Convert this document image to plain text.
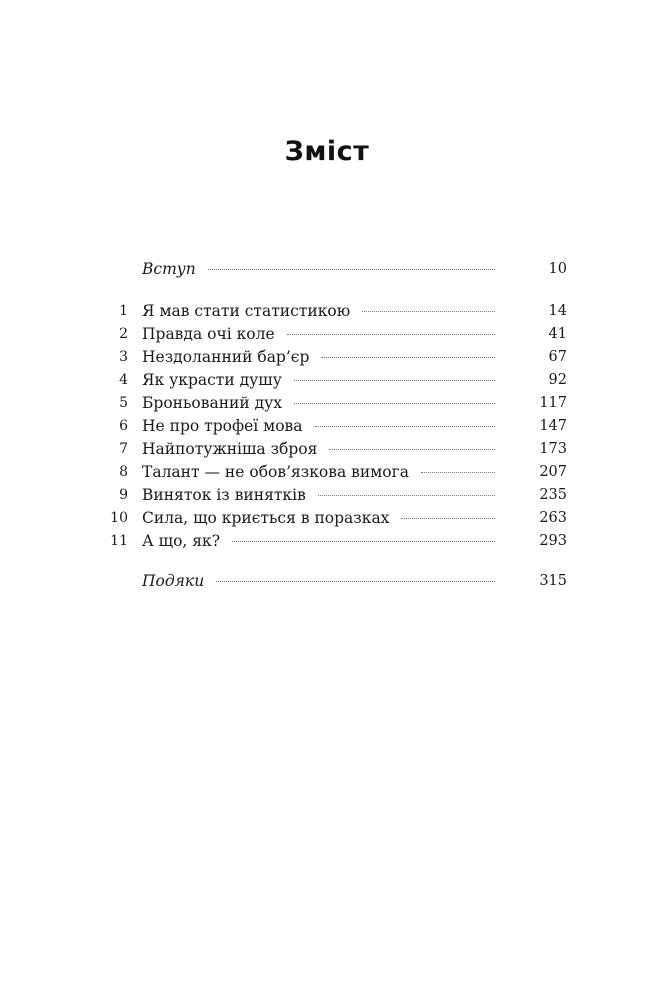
Зміст
Вступ	10
1 Я мав стати статистикою	14
2 Правда очі коле	41
3 Нездоланний бар’єр	67
4 Як украсти душу	92
5 Броньований дух	117
6 Не про трофеї мова	147
7 Найпотужніша зброя	173
8 Талант — не обов’язкова вимога	207
9 Виняток із винятків	235
10 Сила, що криється в поразках	263
11 А що, як?	293
Подяки	315
